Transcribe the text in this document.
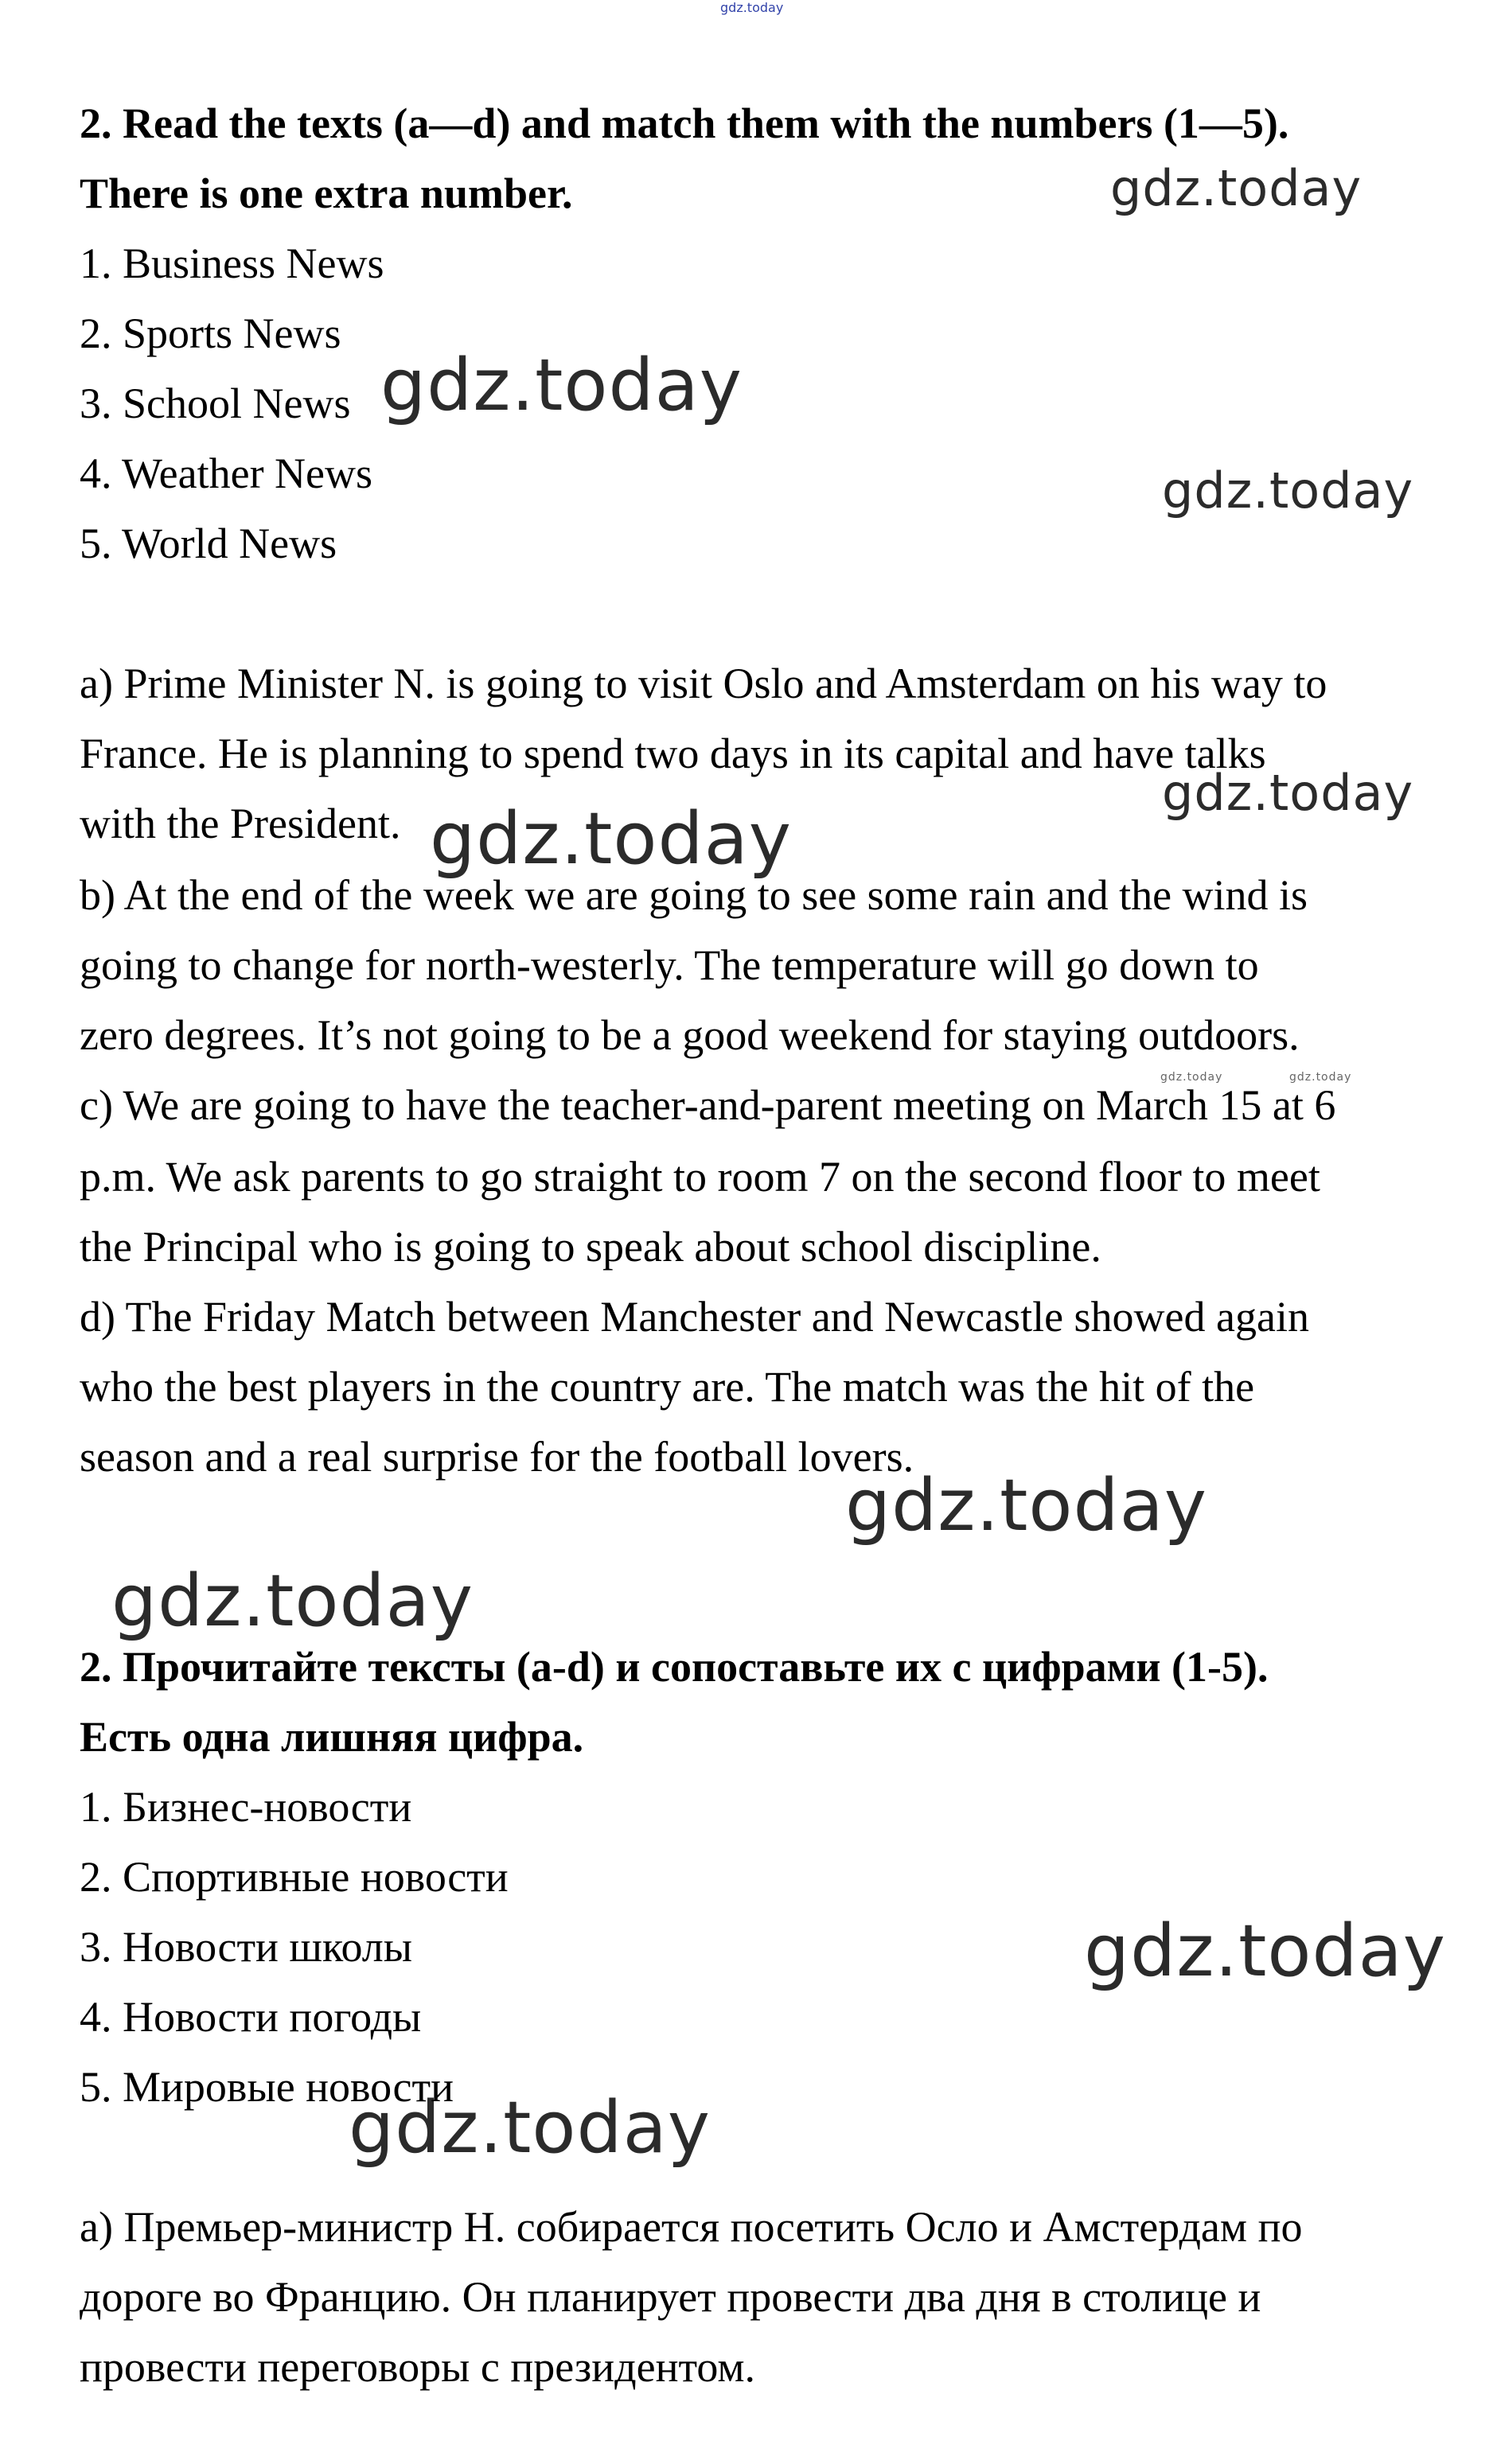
gdz.today
gdz.today
gdz.today
gdz.today
gdz.today
gdz.today
gdz.today	gdz.today
gdz.today
gdz.today
gdz.today
gdz.today
2. Read the texts (a—d) and match them with the numbers (1—5).
There is one extra number.
1. Business News
2. Sports News
3. School News
4. Weather News
5. World News
a) Prime Minister N. is going to visit Oslo and Amsterdam on his way to
France. He is planning to spend two days in its capital and have talks
with the President.
b) At the end of the week we are going to see some rain and the wind is
going to change for north-westerly. The temperature will go down to
zero degrees. It’s not going to be a good weekend for staying outdoors.
c) We are going to have the teacher-and-parent meeting on March 15 at 6
p.m. We ask parents to go straight to room 7 on the second floor to meet
the Principal who is going to speak about school discipline.
d) The Friday Match between Manchester and Newcastle showed again
who the best players in the country are. The match was the hit of the
season and a real surprise for the football lovers.
2. Прочитайте тексты (a-d) и сопоставьте их с цифрами (1-5).
Есть одна лишняя цифра.
1. Бизнес-новости
2. Спортивные новости
3. Новости школы
4. Новости погоды
5. Мировые новости
a) Премьер-министр Н. собирается посетить Осло и Амстердам по
дороге во Францию. Он планирует провести два дня в столице и
провести переговоры с президентом.
